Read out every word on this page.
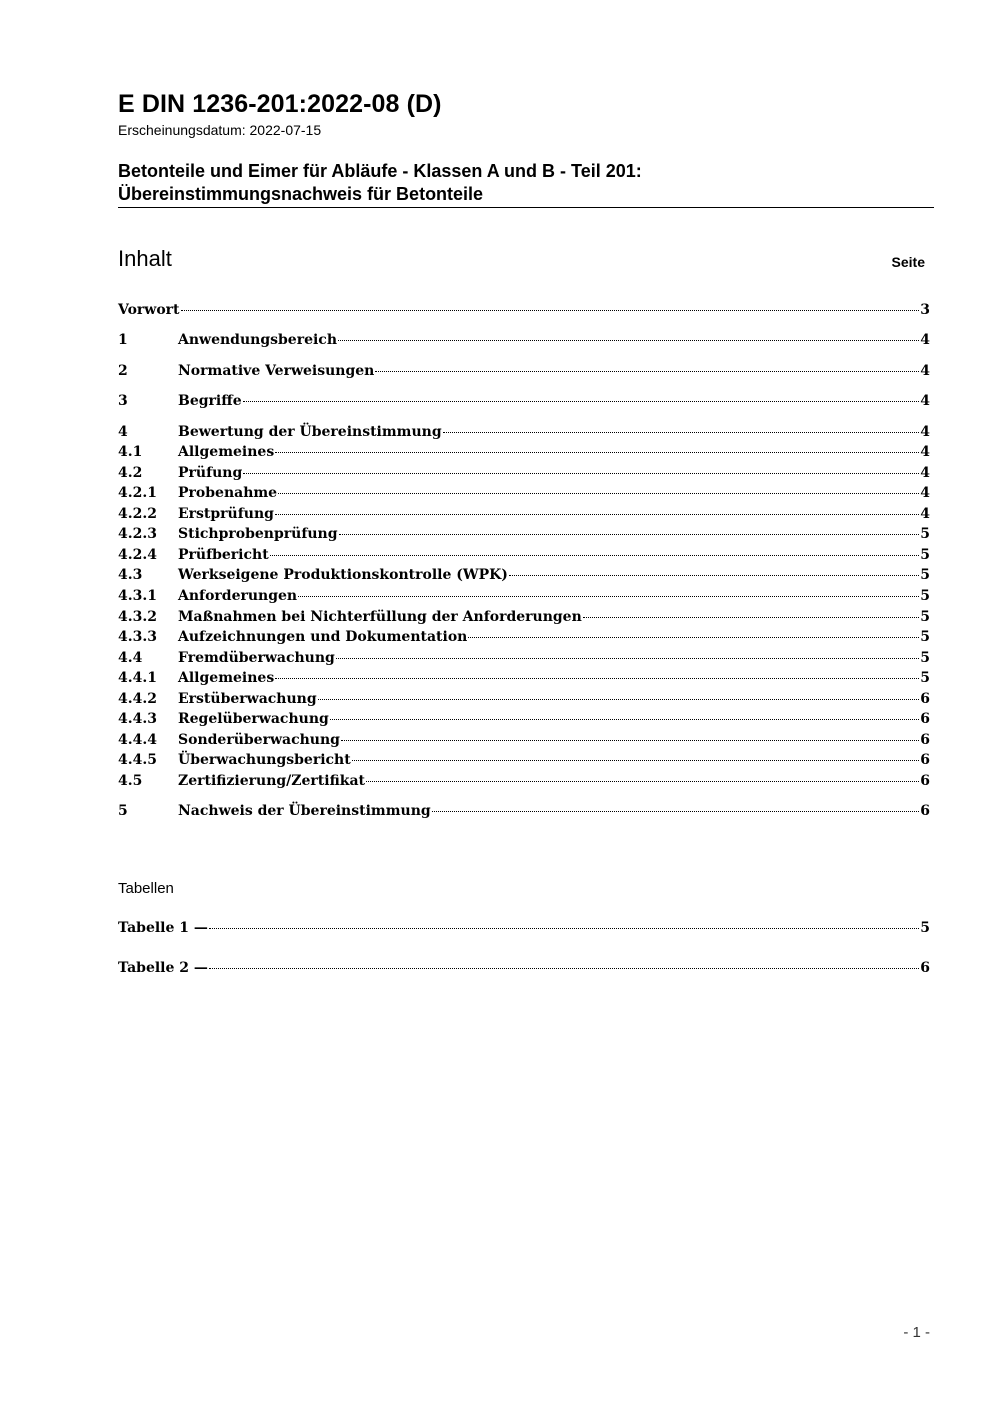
E DIN 1236-201:2022-08 (D)
Erscheinungsdatum: 2022-07-15
Betonteile und Eimer für Abläufe - Klassen A und B - Teil 201:
Übereinstimmungsnachweis für Betonteile
Inhalt	Seite
Vorwort	3
1	Anwendungsbereich	4
2	Normative Verweisungen	4
3	Begriffe	4
4	Bewertung der Übereinstimmung	4
4.1	Allgemeines	4
4.2	Prüfung	4
4.2.1	Probenahme	4
4.2.2	Erstprüfung	4
4.2.3	Stichprobenprüfung	5
4.2.4	Prüfbericht	5
4.3	Werkseigene Produktionskontrolle (WPK)	5
4.3.1	Anforderungen	5
4.3.2	Maßnahmen bei Nichterfüllung der Anforderungen	5
4.3.3	Aufzeichnungen und Dokumentation	5
4.4	Fremdüberwachung	5
4.4.1	Allgemeines	5
4.4.2	Erstüberwachung	6
4.4.3	Regelüberwachung	6
4.4.4	Sonderüberwachung	6
4.4.5	Überwachungsbericht	6
4.5	Zertifizierung/Zertifikat	6
5	Nachweis der Übereinstimmung	6
Tabellen
Tabelle 1 —	5
Tabelle 2 —	6
- 1 -
